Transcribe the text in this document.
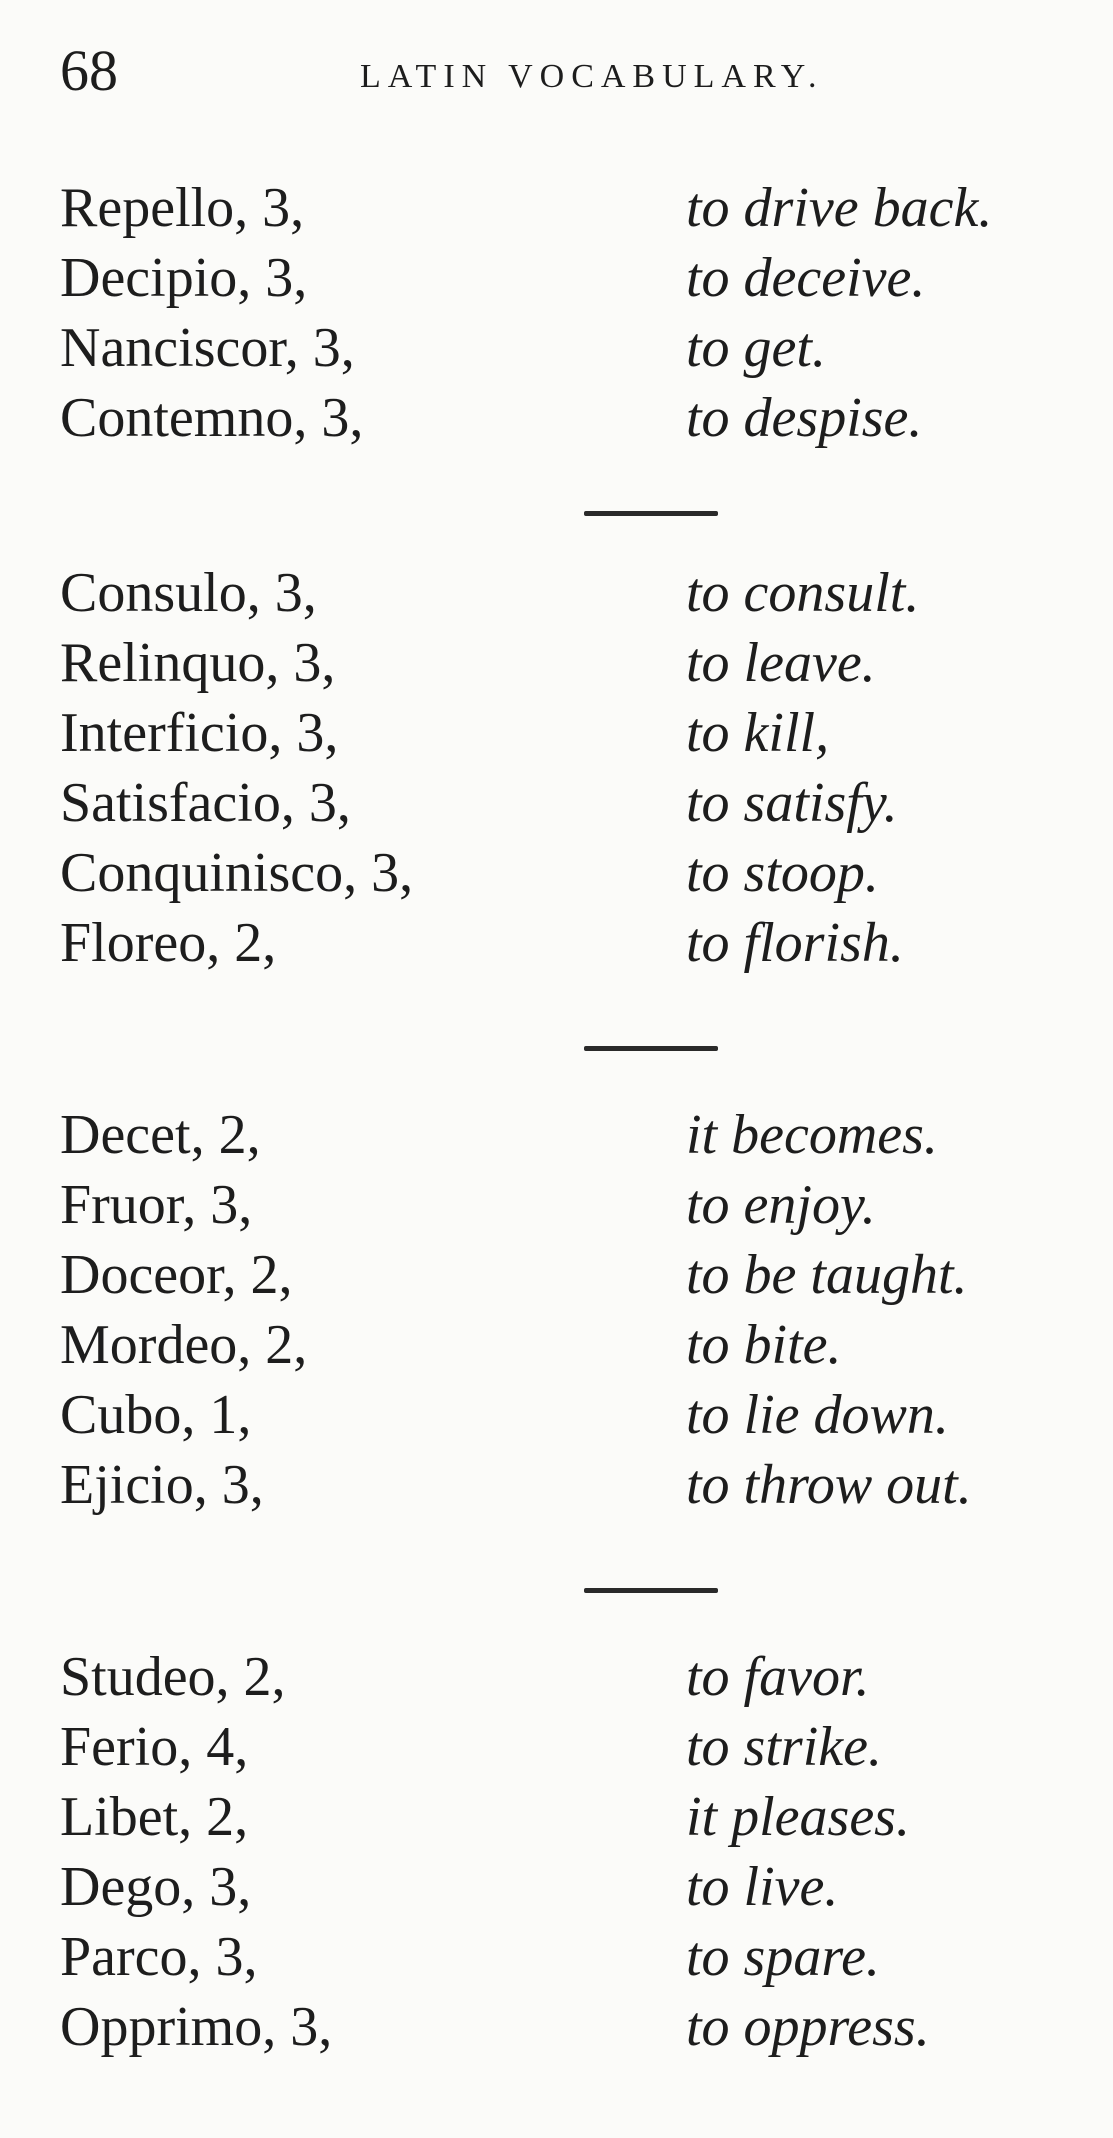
68	LATIN VOCABULARY.
Repello, 3,	to drive back.
Decipio, 3,	to deceive.
Nanciscor, 3,	to get.
Contemno, 3,	to despise.
Consulo, 3,	to consult.
Relinquo, 3,	to leave.
Interficio, 3,	to kill,
Satisfacio, 3,	to satisfy.
Conquinisco, 3,	to stoop.
Floreo, 2,	to florish.
Decet, 2,	it becomes.
Fruor, 3,	to enjoy.
Doceor, 2,	to be taught.
Mordeo, 2,	to bite.
Cubo, 1,	to lie down.
Ejicio, 3,	to throw out.
Studeo, 2,	to favor.
Ferio, 4,	to strike.
Libet, 2,	it pleases.
Dego, 3,	to live.
Parco, 3,	to spare.
Opprimo, 3,	to oppress.
